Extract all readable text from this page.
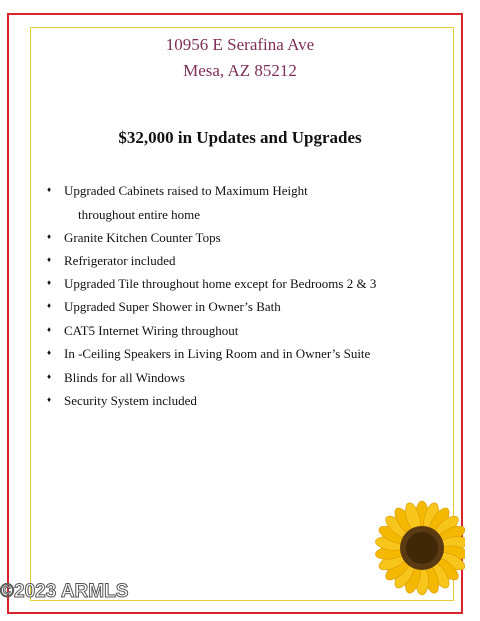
10956 E Serafina Ave

Mesa, AZ 85212

$32,000 in Updates and Upgrades

♦ Upgraded Cabinets raised to Maximum Height
throughout entire home
♦ Granite Kitchen Counter Tops
♦ Refrigerator included
♦ Upgraded Tile throughout home except for Bedrooms 2 & 3
♦ Upgraded Super Shower in Owner’s Bath
♦ CAT5 Internet Wiring throughout
♦ In -Ceiling Speakers in Living Room and in Owner’s Suite
♦ Blinds for all Windows
♦ Security System included
©2023 ARMLS
